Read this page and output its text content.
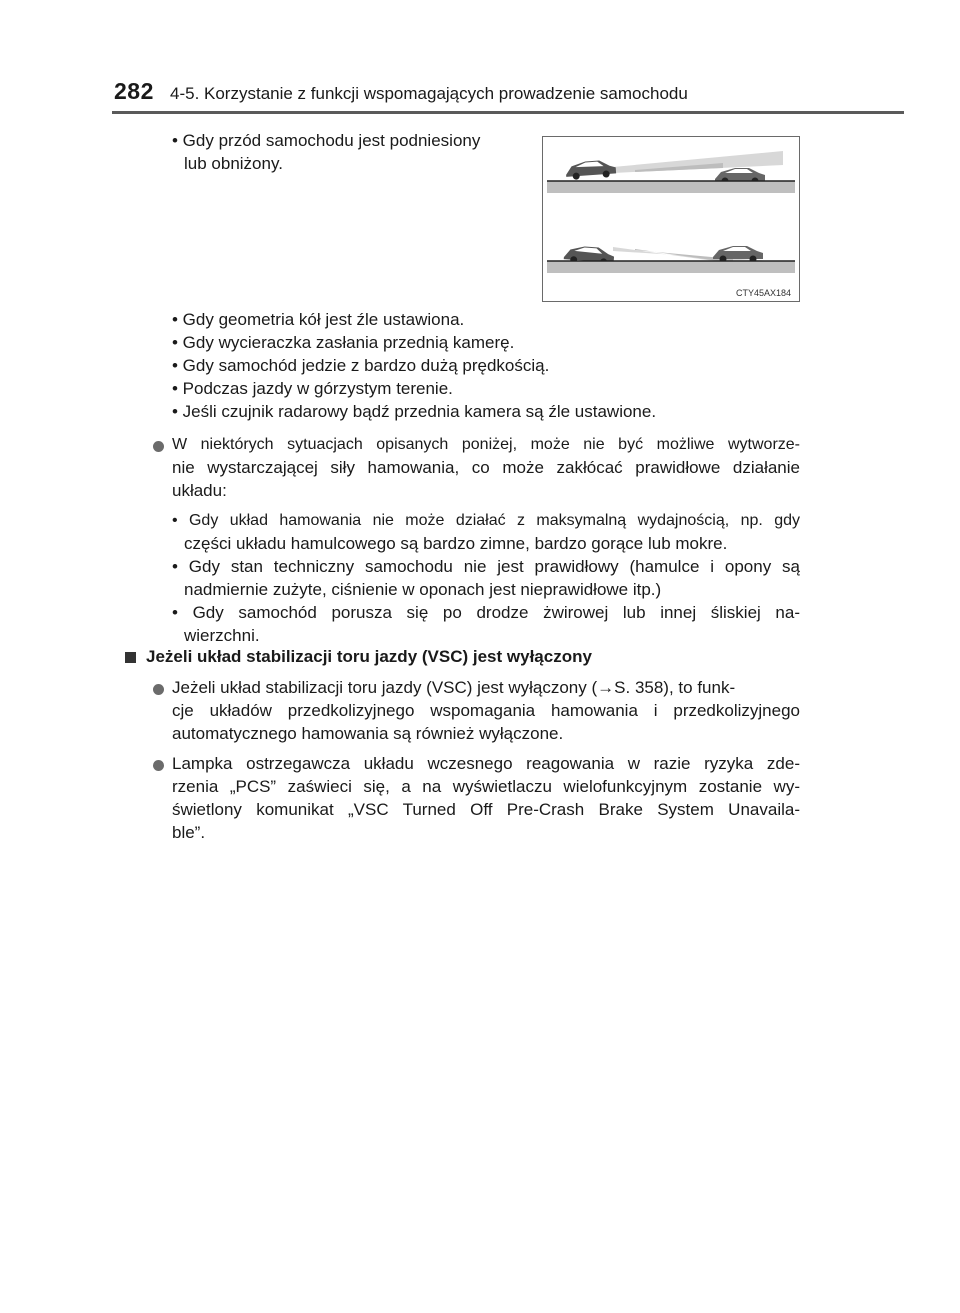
282 4-5. Korzystanie z funkcji wspomagających prowadzenie samochodu
CTY45AX184
• Gdy przód samochodu jest podniesiony
lub obniżony.
• Gdy geometria kół jest źle ustawiona.
• Gdy wycieraczka zasłania przednią kamerę.
• Gdy samochód jedzie z bardzo dużą prędkością.
• Podczas jazdy w górzystym terenie.
• Jeśli czujnik radarowy bądź przednia kamera są źle ustawione.
W niektórych sytuacjach opisanych poniżej, może nie być możliwe wytworze-
nie wystarczającej siły hamowania, co może zakłócać prawidłowe działanie
układu:
• Gdy układ hamowania nie może działać z maksymalną wydajnością, np. gdy
części układu hamulcowego są bardzo zimne, bardzo gorące lub mokre.
• Gdy stan techniczny samochodu nie jest prawidłowy (hamulce i opony są
nadmiernie zużyte, ciśnienie w oponach jest nieprawidłowe itp.)
• Gdy samochód porusza się po drodze żwirowej lub innej śliskiej na-
wierzchni.
Jeżeli układ stabilizacji toru jazdy (VSC) jest wyłączony
Jeżeli układ stabilizacji toru jazdy (VSC) jest wyłączony (→S. 358), to funk-
cje układów przedkolizyjnego wspomagania hamowania i przedkolizyjnego
automatycznego hamowania są również wyłączone.
Lampka ostrzegawcza układu wczesnego reagowania w razie ryzyka zde-
rzenia „PCS” zaświeci się, a na wyświetlaczu wielofunkcyjnym zostanie wy-
świetlony komunikat „VSC Turned Off Pre-Crash Brake System Unavaila-
ble”.
